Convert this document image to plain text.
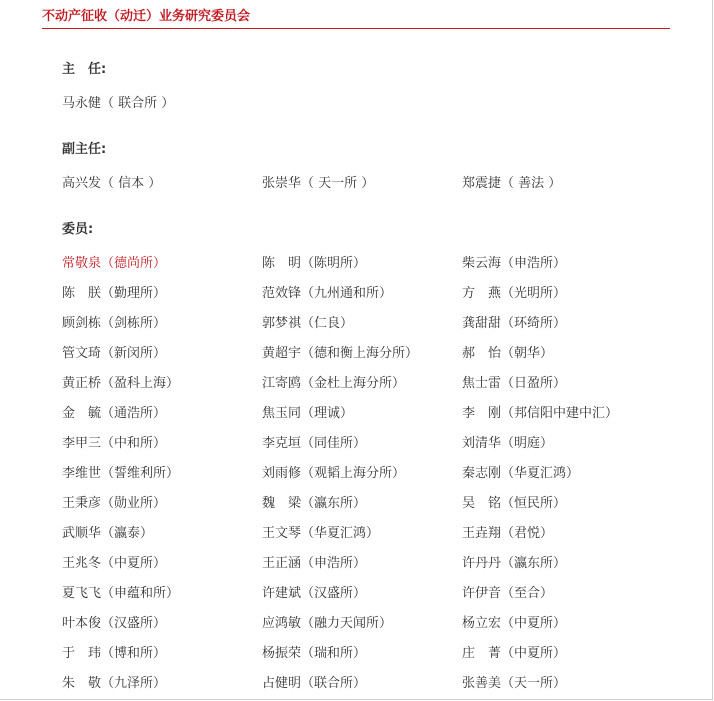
不动产征收（动迁）业务研究委员会
主　任:
马永健（ 联合所 ）
副主任:
高兴发（ 信本 ）	张崇华（ 天一所 ）	郑震捷（ 善法 ）
委员:
常敬泉（德尚所）	陈　明（陈明所）	柴云海（申浩所）
陈　朕（勤理所）	范效锋（九州通和所）	方　燕（光明所）
顾剑栋（剑栋所）	郭梦祺（仁良）	龚甜甜（环绮所）
管文琦（新闵所）	黄超宇（德和衡上海分所）	郝　怡（朝华）
黄正桥（盈科上海）	江寄鸥（金杜上海分所）	焦士雷（日盈所）
金　毓（通浩所）	焦玉同（理诚）	李　刚（邦信阳中建中汇）
李甲三（中和所）	李克垣（同佳所）	刘清华（明庭）
李维世（誓维利所）	刘雨修（观韬上海分所）	秦志刚（华夏汇鸿）
王秉彦（勋业所）	魏　梁（瀛东所）	吴　铭（恒民所）
武顺华（瀛泰）	王文琴（华夏汇鸿）	王垚翔（君悦）
王兆冬（中夏所）	王正涵（申浩所）	许丹丹（瀛东所）
夏飞飞（申蕴和所）	许建斌（汉盛所）	许伊音（至合）
叶本俊（汉盛所）	应鸿敏（融力天闻所）	杨立宏（中夏所）
于　玮（博和所）	杨振荣（瑞和所）	庄　菁（中夏所）
朱　敬（九泽所）	占健明（联合所）	张善美（天一所）
